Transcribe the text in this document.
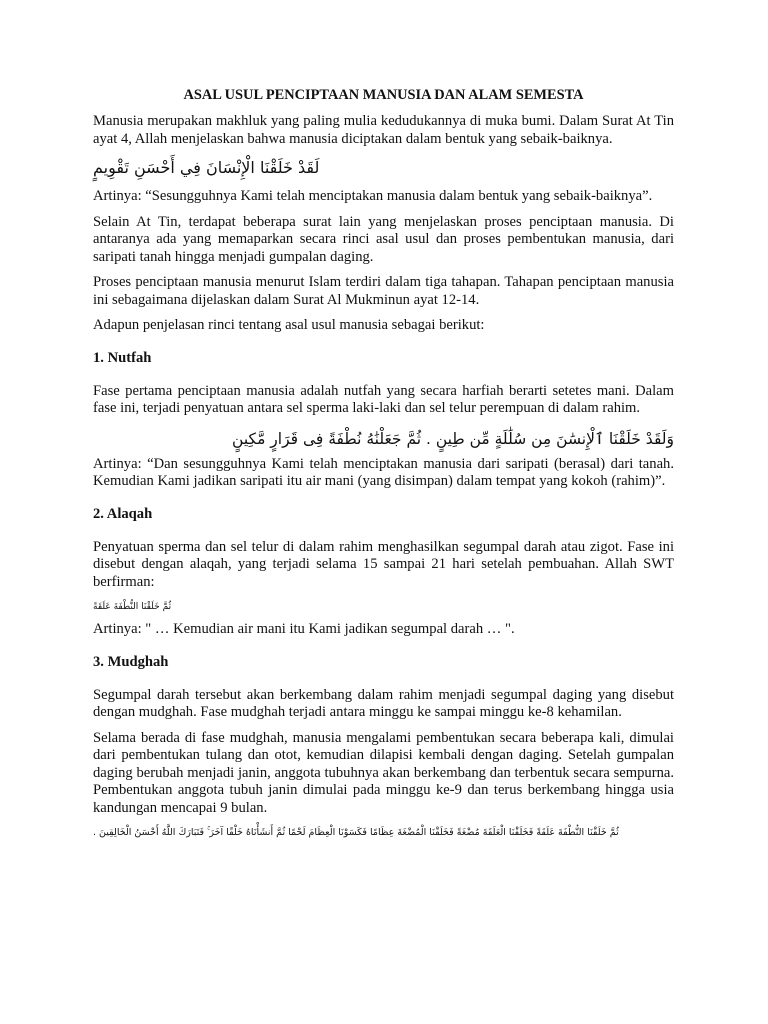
ASAL USUL PENCIPTAAN MANUSIA DAN ALAM SEMESTA

Manusia merupakan makhluk yang paling mulia kedudukannya di muka bumi. Dalam Surat At Tin ayat 4, Allah menjelaskan bahwa manusia diciptakan dalam bentuk yang sebaik-baiknya.

لَقَدْ خَلَقْنَا الْإِنْسَانَ فِي أَحْسَنِ تَقْوِيمٍ

Artinya: “Sesungguhnya Kami telah menciptakan manusia dalam bentuk yang sebaik-baiknya”.

Selain At Tin, terdapat beberapa surat lain yang menjelaskan proses penciptaan manusia. Di antaranya ada yang memaparkan secara rinci asal usul dan proses pembentukan manusia, dari saripati tanah hingga menjadi gumpalan daging.

Proses penciptaan manusia menurut Islam terdiri dalam tiga tahapan. Tahapan penciptaan manusia ini sebagaimana dijelaskan dalam Surat Al Mukminun ayat 12-14.

Adapun penjelasan rinci tentang asal usul manusia sebagai berikut:

1. Nutfah

Fase pertama penciptaan manusia adalah nutfah yang secara harfiah berarti setetes mani. Dalam fase ini, terjadi penyatuan antara sel sperma laki-laki dan sel telur perempuan di dalam rahim.

وَلَقَدْ خَلَقْنَا ٱلْإِنسَٰنَ مِن سُلَٰلَةٍ مِّن طِينٍ . ثُمَّ جَعَلْنَٰهُ نُطْفَةً فِى قَرَارٍ مَّكِينٍ

Artinya: “Dan sesungguhnya Kami telah menciptakan manusia dari saripati (berasal) dari tanah. Kemudian Kami jadikan saripati itu air mani (yang disimpan) dalam tempat yang kokoh (rahim)”.

2. Alaqah

Penyatuan sperma dan sel telur di dalam rahim menghasilkan segumpal darah atau zigot. Fase ini disebut dengan alaqah, yang terjadi selama 15 sampai 21 hari setelah pembuahan. Allah SWT berfirman:

ثُمَّ خَلَقْنَا النُّطْفَةَ عَلَقَةً

Artinya: " … Kemudian air mani itu Kami jadikan segumpal darah … ".

3. Mudghah

Segumpal darah tersebut akan berkembang dalam rahim menjadi segumpal daging yang disebut dengan mudghah. Fase mudghah terjadi antara minggu ke sampai minggu ke-8 kehamilan.

Selama berada di fase mudghah, manusia mengalami pembentukan secara beberapa kali, dimulai dari pembentukan tulang dan otot, kemudian dilapisi kembali dengan daging. Setelah gumpalan daging berubah menjadi janin, anggota tubuhnya akan berkembang dan terbentuk secara sempurna. Pembentukan anggota tubuh janin dimulai pada minggu ke-9 dan terus berkembang hingga usia kandungan mencapai 9 bulan.

ثُمَّ خَلَقْنَا النُّطْفَةَ عَلَقَةً فَخَلَقْنَا الْعَلَقَةَ مُضْغَةً فَخَلَقْنَا الْمُضْغَةَ عِظَامًا فَكَسَوْنَا الْعِظَامَ لَحْمًا ثُمَّ أَنشَأْنَاهُ خَلْقًا آخَرَ ۚ فَتَبَارَكَ اللَّهُ أَحْسَنُ الْخَالِقِينَ .
